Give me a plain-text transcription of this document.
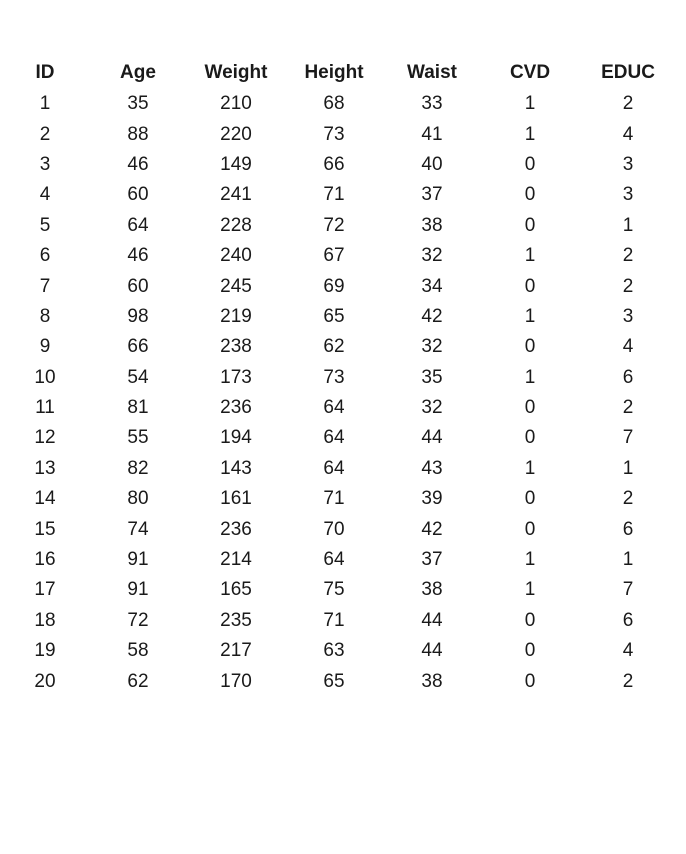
ID	Age	Weight	Height	Waist	CVD	EDUC
1	35	210	68	33	1	2
2	88	220	73	41	1	4
3	46	149	66	40	0	3
4	60	241	71	37	0	3
5	64	228	72	38	0	1
6	46	240	67	32	1	2
7	60	245	69	34	0	2
8	98	219	65	42	1	3
9	66	238	62	32	0	4
10	54	173	73	35	1	6
11	81	236	64	32	0	2
12	55	194	64	44	0	7
13	82	143	64	43	1	1
14	80	161	71	39	0	2
15	74	236	70	42	0	6
16	91	214	64	37	1	1
17	91	165	75	38	1	7
18	72	235	71	44	0	6
19	58	217	63	44	0	4
20	62	170	65	38	0	2
